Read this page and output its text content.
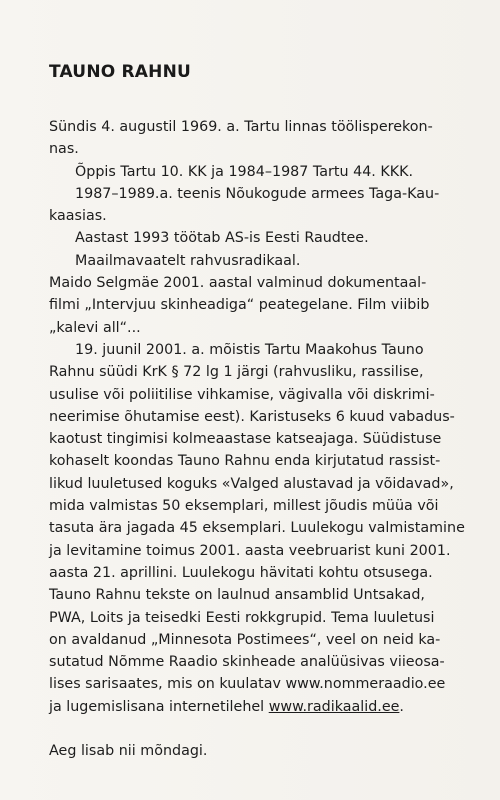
TAUNO RAHNU
Sündis 4. augustil 1969. a. Tartu linnas töölisperekon-
nas.
Õppis Tartu 10. KK ja 1984–1987 Tartu 44. KKK.
1987–1989.a. teenis Nõukogude armees Taga-Kau-
kaasias.
Aastast 1993 töötab AS-is Eesti Raudtee.
Maailmavaatelt rahvusradikaal.
Maido Selgmäe 2001. aastal valminud dokumentaal-
filmi „Intervjuu skinheadiga“ peategelane. Film viibib
„kalevi all“...
19. juunil 2001. a. mõistis Tartu Maakohus Tauno
Rahnu süüdi KrK § 72 lg 1 järgi (rahvusliku, rassilise,
usulise või poliitilise vihkamise, vägivalla või diskrimi-
neerimise õhutamise eest). Karistuseks 6 kuud vabadus-
kaotust tingimisi kolmeaastase katseajaga. Süüdistuse
kohaselt koondas Tauno Rahnu enda kirjutatud rassist-
likud luuletused kogukѕ «Valged alustavad ja võidavad»,
mida valmistas 50 eksemplari, millest jõudis müüa või
tasuta ära jagada 45 eksemplari. Luulekogu valmistamine
ja levitamine toimus 2001. aasta veebruarist kuni 2001.
aasta 21. aprillini. Luulekogu hävitati kohtu otsusega.
Tauno Rahnu tekste on laulnud ansamblid Untsakad,
PWA, Loits ja teisedki Eesti rokkgrupid. Tema luuletusi
on avaldanud „Minnesota Postimees“, veel on neid ka-
sutatud Nõmme Raadio skinheade analüüsivas viieosa-
lises sarisaates, mis on kuulatav www.nommeraadio.ee
ja lugemislisana internetilehel www.radikaalid.ee.
Aeg lisab nii mõndagi.
